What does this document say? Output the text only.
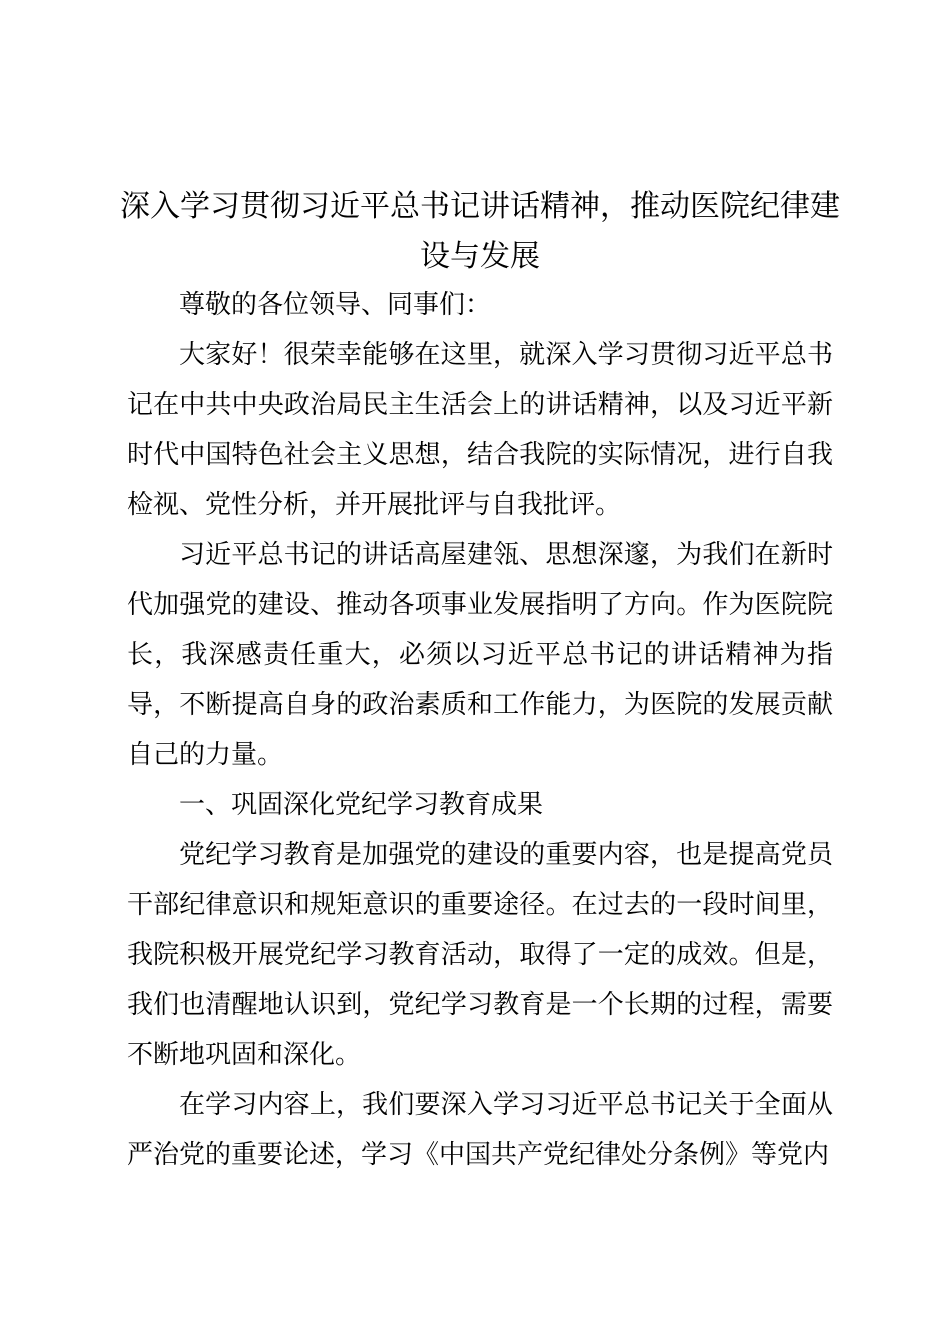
深入学习贯彻习近平总书记讲话精神，推动医院纪律建设与发展

尊敬的各位领导、同事们：

大家好！很荣幸能够在这里，就深入学习贯彻习近平总书记在中共中央政治局民主生活会上的讲话精神，以及习近平新时代中国特色社会主义思想，结合我院的实际情况，进行自我检视、党性分析，并开展批评与自我批评。

习近平总书记的讲话高屋建瓴、思想深邃，为我们在新时代加强党的建设、推动各项事业发展指明了方向。作为医院院长，我深感责任重大，必须以习近平总书记的讲话精神为指导，不断提高自身的政治素质和工作能力，为医院的发展贡献自己的力量。

一、巩固深化党纪学习教育成果

党纪学习教育是加强党的建设的重要内容，也是提高党员干部纪律意识和规矩意识的重要途径。在过去的一段时间里，我院积极开展党纪学习教育活动，取得了一定的成效。但是，我们也清醒地认识到，党纪学习教育是一个长期的过程，需要不断地巩固和深化。

在学习内容上，我们要深入学习习近平总书记关于全面从严治党的重要论述，学习《中国共产党纪律处分条例》等党内
